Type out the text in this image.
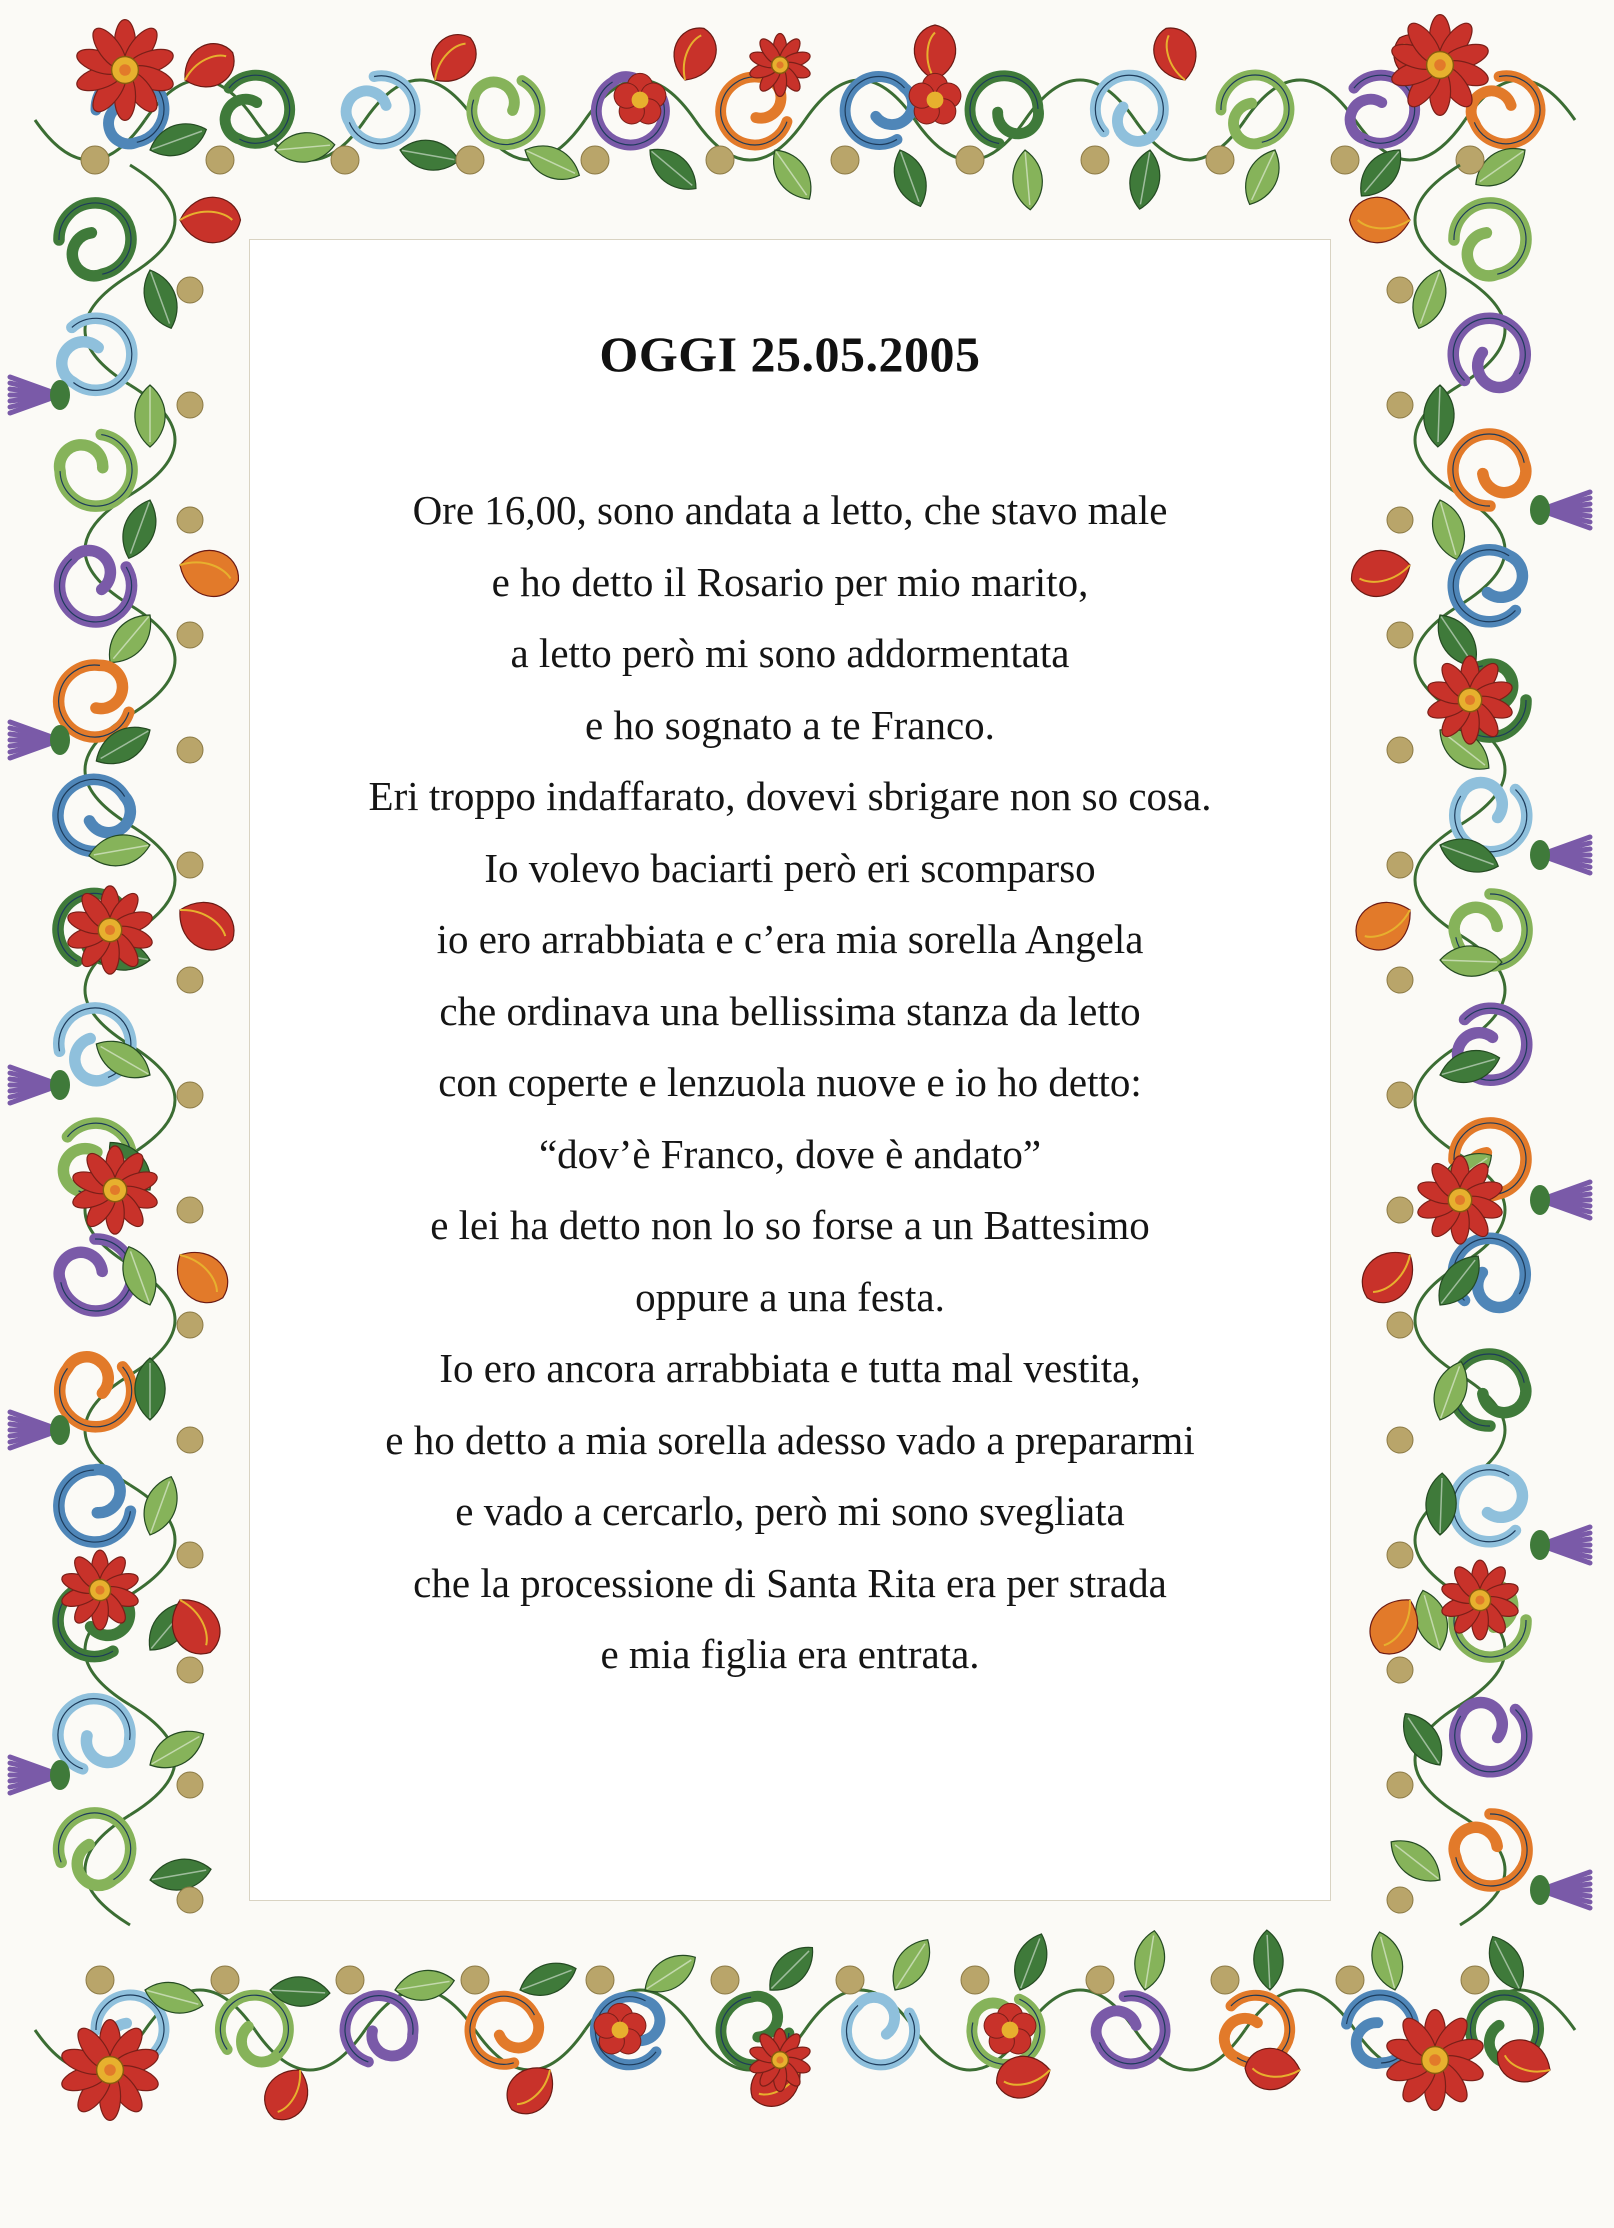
OGGI 25.05.2005
Ore 16,00, sono andata a letto, che stavo male
e ho detto il Rosario per mio marito,
a letto però mi sono addormentata
e ho sognato a te Franco.
Eri troppo indaffarato, dovevi sbrigare non so cosa.
Io volevo baciarti però eri scomparso
io ero arrabbiata e c’era mia sorella Angela
che ordinava una bellissima stanza da letto
con coperte e lenzuola nuove e io ho detto:
“dov’è Franco, dove è andato”
e lei ha detto non lo so forse a un Battesimo
oppure a una festa.
Io ero ancora arrabbiata e tutta mal vestita,
e ho detto a mia sorella adesso vado a prepararmi
e vado a cercarlo, però mi sono svegliata
che la processione di Santa Rita era per strada
e mia figlia era entrata.
